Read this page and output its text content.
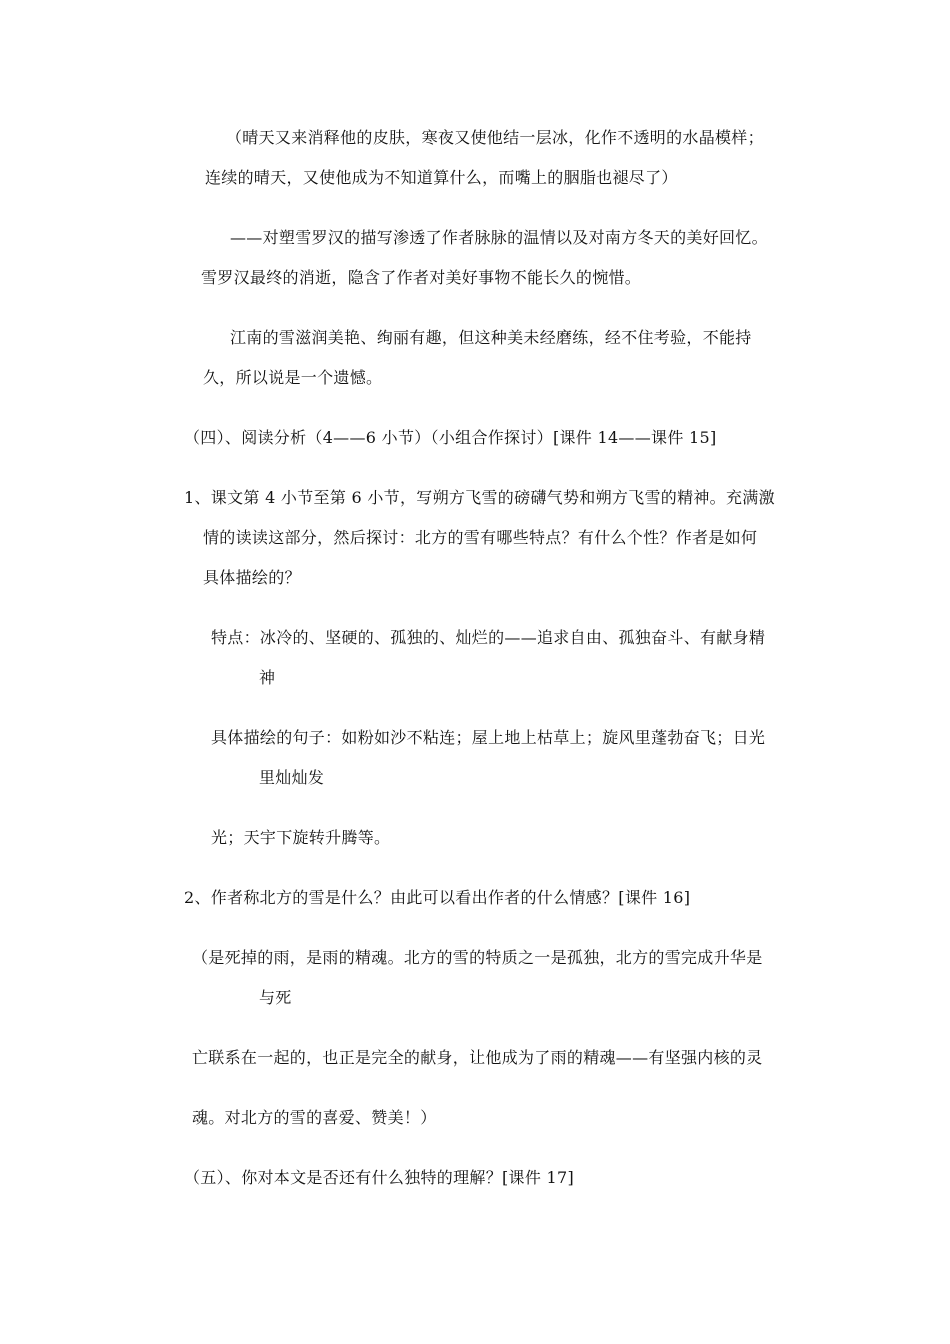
（晴天又来消释他的皮肤，寒夜又使他结一层冰，化作不透明的水晶模样；
连续的晴天，又使他成为不知道算什么，而嘴上的胭脂也褪尽了）
——对塑雪罗汉的描写渗透了作者脉脉的温情以及对南方冬天的美好回忆。
雪罗汉最终的消逝，隐含了作者对美好事物不能长久的惋惜。
江南的雪滋润美艳、绚丽有趣，但这种美未经磨练，经不住考验，不能持
久，所以说是一个遗憾。
（四）、阅读分析（4——6 小节）（小组合作探讨）[课件 14——课件 15]
1、课文第 4 小节至第 6 小节，写朔方飞雪的磅礴气势和朔方飞雪的精神。充满激
情的读读这部分，然后探讨：北方的雪有哪些特点？有什么个性？作者是如何
具体描绘的？
特点：冰冷的、坚硬的、孤独的、灿烂的——追求自由、孤独奋斗、有献身精
神
具体描绘的句子：如粉如沙不粘连；屋上地上枯草上；旋风里蓬勃奋飞；日光
里灿灿发
光；天宇下旋转升腾等。
2、作者称北方的雪是什么？由此可以看出作者的什么情感？[课件 16]
（是死掉的雨，是雨的精魂。北方的雪的特质之一是孤独，北方的雪完成升华是
与死
亡联系在一起的，也正是完全的献身，让他成为了雨的精魂——有坚强内核的灵
魂。对北方的雪的喜爱、赞美！）
（五）、你对本文是否还有什么独特的理解？[课件 17]
